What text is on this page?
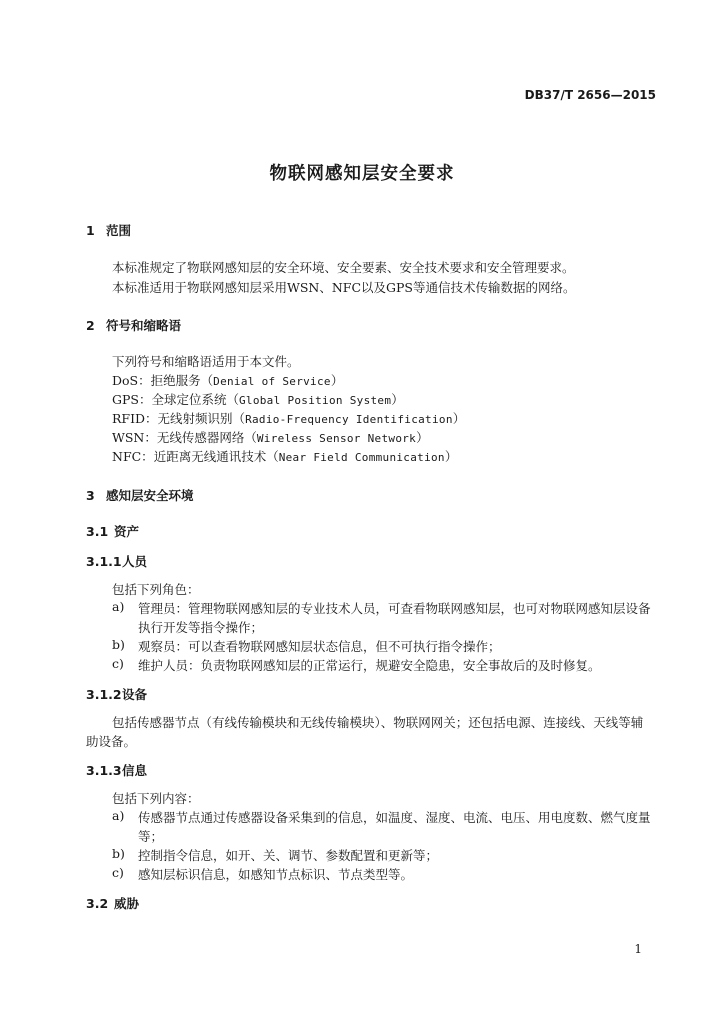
DB37/T 2656—2015
物联网感知层安全要求
1 范围
本标准规定了物联网感知层的安全环境、安全要素、安全技术要求和安全管理要求。
本标准适用于物联网感知层采用WSN、NFC以及GPS等通信技术传输数据的网络。
2 符号和缩略语
下列符号和缩略语适用于本文件。
DoS：拒绝服务（Denial of Service）
GPS：全球定位系统（Global Position System）
RFID：无线射频识别（Radio-Frequency Identification）
WSN：无线传感器网络（Wireless Sensor Network）
NFC：近距离无线通讯技术（Near Field Communication）
3 感知层安全环境
3.1 资产
3.1.1人员
包括下列角色：
a) 管理员：管理物联网感知层的专业技术人员，可查看物联网感知层，也可对物联网感知层设备
执行开发等指令操作；
b) 观察员：可以查看物联网感知层状态信息，但不可执行指令操作；
c) 维护人员：负责物联网感知层的正常运行，规避安全隐患，安全事故后的及时修复。
3.1.2设备
包括传感器节点（有线传输模块和无线传输模块）、物联网网关；还包括电源、连接线、天线等辅
助设备。
3.1.3信息
包括下列内容：
a) 传感器节点通过传感器设备采集到的信息，如温度、湿度、电流、电压、用电度数、燃气度量
等；
b) 控制指令信息，如开、关、调节、参数配置和更新等；
c) 感知层标识信息，如感知节点标识、节点类型等。
3.2 威胁
1
